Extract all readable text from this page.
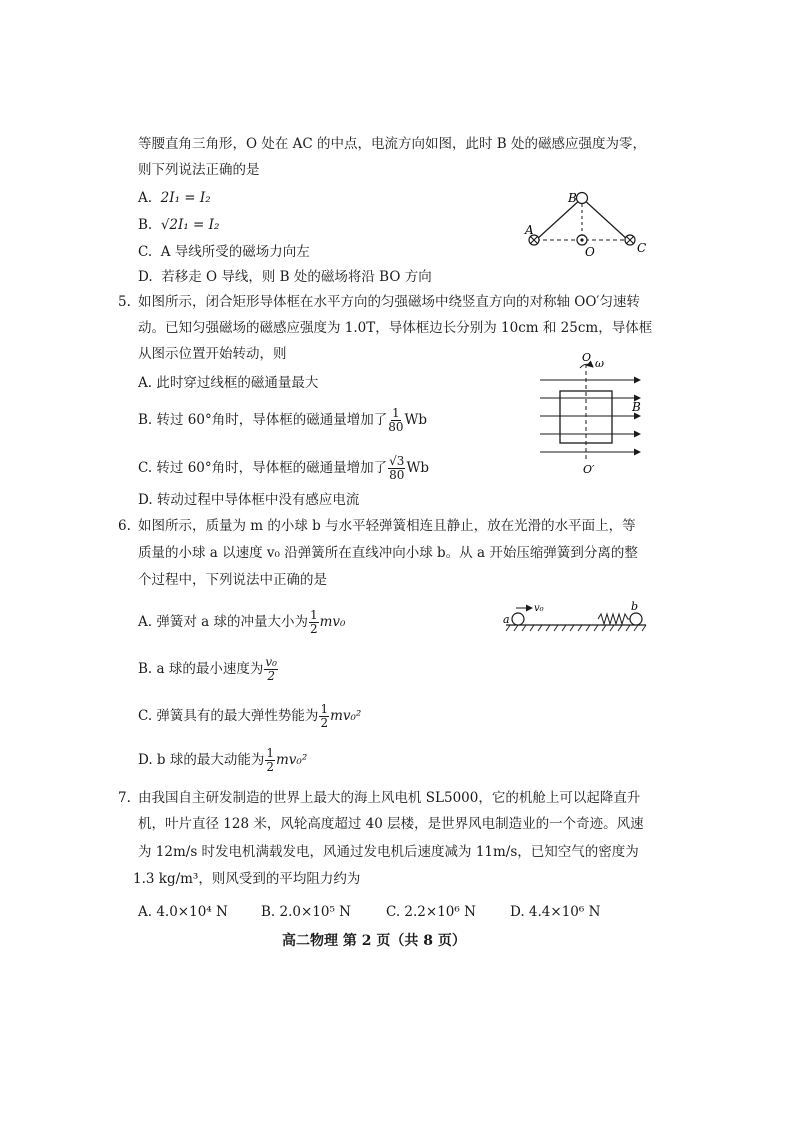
等腰直角三角形，O 处在 AC 的中点，电流方向如图，此时 B 处的磁感应强度为零，
则下列说法正确的是
A. 2I₁ = I₂
B. √2I₁ = I₂
C. A 导线所受的磁场力向左
D. 若移走 O 导线，则 B 处的磁场将沿 BO 方向
B
A
O	C
5. 如图所示，闭合矩形导体框在水平方向的匀强磁场中绕竖直方向的对称轴 OO′匀速转
动。已知匀强磁场的磁感应强度为 1.0T，导体框边长分别为 10cm 和 25cm，导体框
从图示位置开始转动，则
A. 此时穿过线框的磁通量最大
B. 转过 60°角时，导体框的磁通量增加了 $\frac{1}{80}$ Wb
C. 转过 60°角时，导体框的磁通量增加了 $\frac{√3}{80}$ Wb
D. 转动过程中导体框中没有感应电流
O ω
B
O′
6. 如图所示，质量为 m 的小球 b 与水平轻弹簧相连且静止，放在光滑的水平面上，等
质量的小球 a 以速度 v₀ 沿弹簧所在直线冲向小球 b。从 a 开始压缩弹簧到分离的整
个过程中，下列说法中正确的是
A. 弹簧对 a 球的冲量大小为 $\frac{1}{2} mv_0$
B. a 球的最小速度为 $\frac{\text{v₀}}{2}$
C. 弹簧具有的最大弹性势能为 $\frac{1}{2} mv_0^2$
D. b 球的最大动能为 $\frac{1}{2} mv_0^2$
a
v₀	b
7. 由我国自主研发制造的世界上最大的海上风电机 SL5000，它的机舱上可以起降直升
机，叶片直径 128 米，风轮高度超过 40 层楼，是世界风电制造业的一个奇迹。风速
为 12m/s 时发电机满载发电，风通过发电机后速度减为 11m/s，已知空气的密度为
1.3 kg/m³，则风受到的平均阻力约为
A. 4.0×10⁴ N B. 2.0×10⁵ N	C. 2.2×10⁶ N	D. 4.4×10⁶ N
高二物理 第 2 页（共 8 页）
